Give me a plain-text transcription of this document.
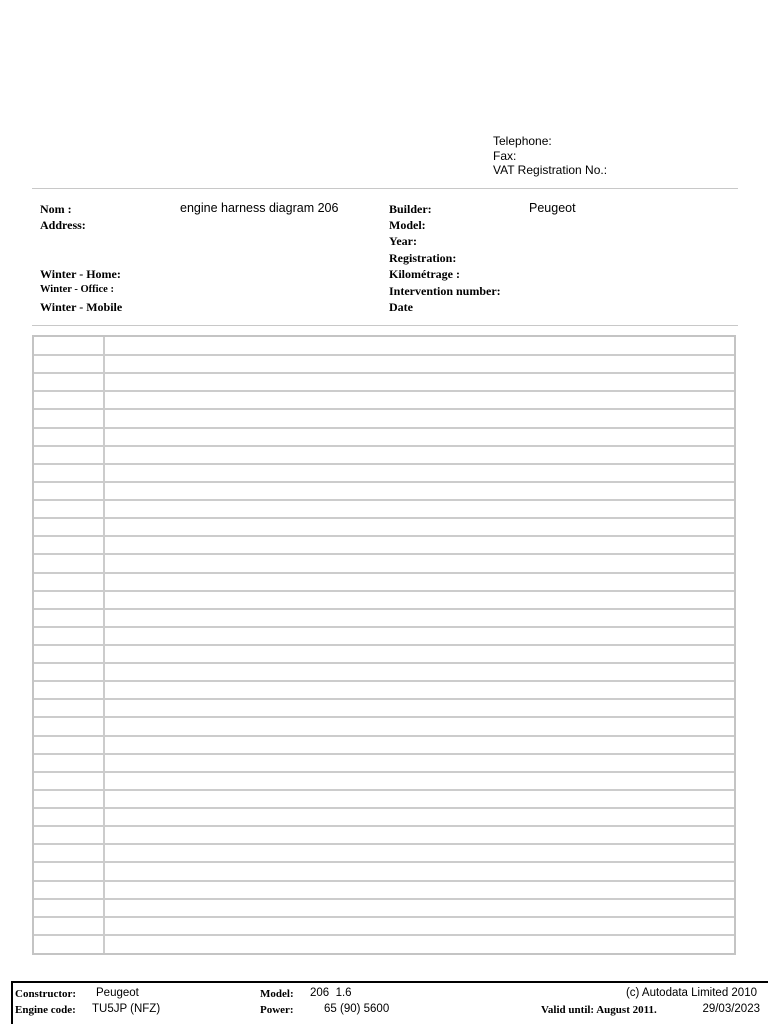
Telephone:
Fax:
VAT Registration No.:
Nom :	engine harness diagram 206
Address:
Winter - Home:
Winter - Office :
Winter - Mobile
Builder:	Peugeot
Model:
Year:
Registration:
Kilométrage :
Intervention number:
Date
Constructor: Peugeot
Engine code: TU5JP (NFZ)
Model: 206  1.6
Power:	65 (90) 5600
(c) Autodata Limited 2010
Valid until: August 2011.	29/03/2023
